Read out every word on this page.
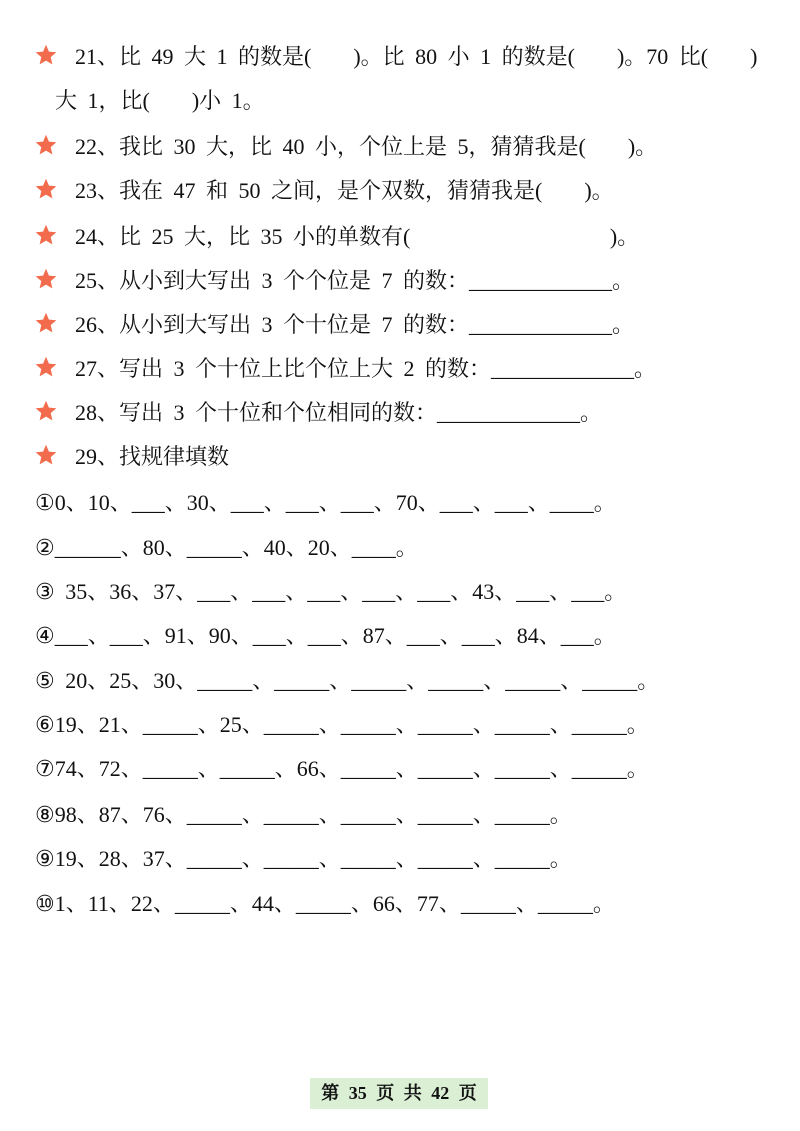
21、比 49 大 1 的数是(    )。比 80 小 1 的数是(    )。70 比(    )
大 1，比(    )小 1。
22、我比 30 大，比 40 小，个位上是 5，猜猜我是(    )。
23、我在 47 和 50 之间，是个双数，猜猜我是(    )。
24、比 25 大，比 35 小的单数有(                   )。
25、从小到大写出 3 个个位是 7 的数：_____________。
26、从小到大写出 3 个十位是 7 的数：_____________。
27、写出 3 个十位上比个位上大 2 的数：_____________。
28、写出 3 个十位和个位相同的数：_____________。
29、找规律填数
①0、10、___、30、___、___、___、70、___、___、____。
②______、80、_____、40、20、____。
③ 35、36、37、___、___、___、___、___、43、___、___。
④___、___、91、90、___、___、87、___、___、84、___。
⑤ 20、25、30、_____、_____、_____、_____、_____、_____。
⑥19、21、_____、25、_____、_____、_____、_____、_____。
⑦74、72、_____、_____、66、_____、_____、_____、_____。
⑧98、87、76、_____、_____、_____、_____、_____。
⑨19、28、37、_____、_____、_____、_____、_____。
⑩1、11、22、_____、44、_____、66、77、_____、_____。
第 35 页 共 42 页
